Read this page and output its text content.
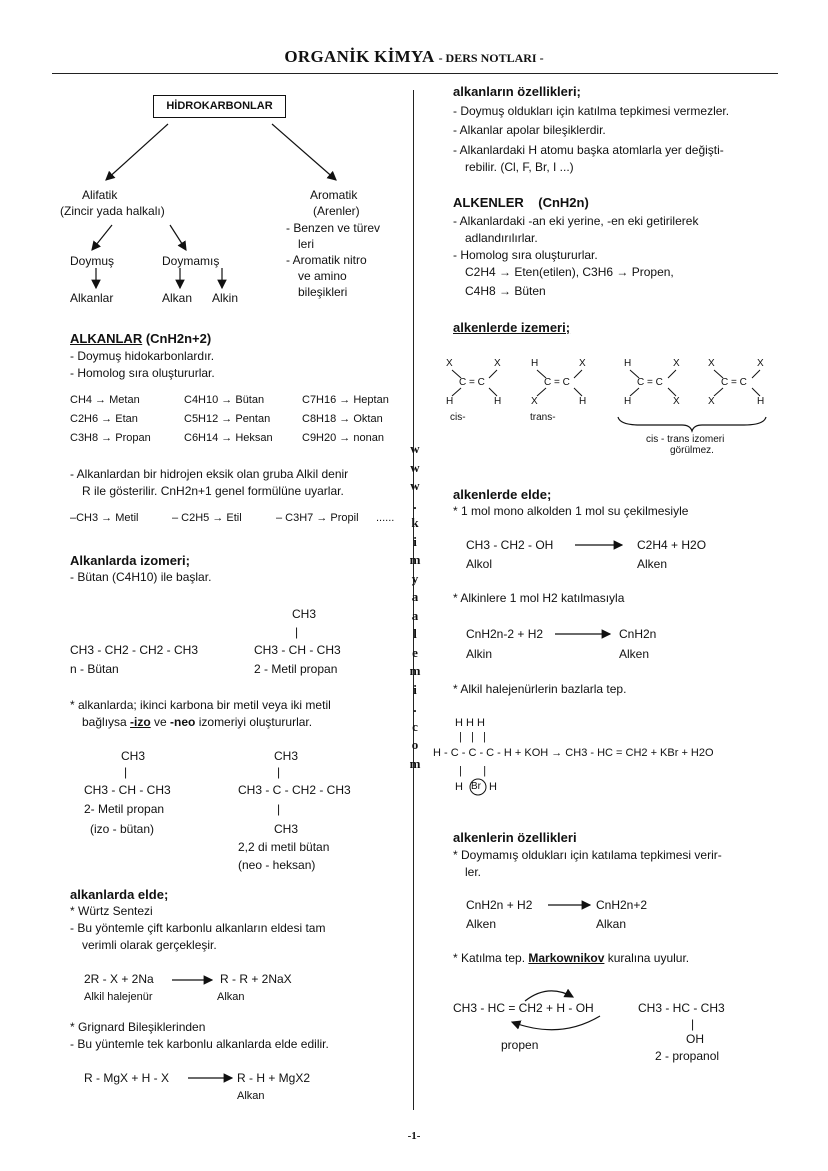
ORGANİK KİMYA - DERS NOTLARI -
w
w
w
.
k
i
m
y
a
a
l
e
m
i
.
c
o
m
HİDROKARBONLAR
Alifatik
(Zincir yada halkalı)
Aromatik
(Arenler)
- Benzen ve türev
leri
- Aromatik nitro
ve amino
bileşikleri
Doymuş	Doymamış
Alkanlar	Alkan Alkin
ALKANLAR (CnH2n+2)
- Doymuş hidokarbonlardır.
- Homolog sıra oluştururlar.
CH4 → Metan	C4H10 → Bütan	C7H16 → Heptan
C2H6 → Etan	C5H12 → Pentan	C8H18 → Oktan
C3H8 → Propan	C6H14 → Heksan	C9H20 → nonan
- Alkanlardan bir hidrojen eksik olan gruba Alkil denir
R ile gösterilir. CnH2n+1 genel formülüne uyarlar.
–CH3 → Metil	– C2H5 → Etil	– C3H7 → Propil ......
Alkanlarda izomeri;
- Bütan (C4H10) ile başlar.
CH3
|
CH3 - CH2 - CH2 - CH3	CH3 - CH - CH3
n - Bütan	2 - Metil propan
* alkanlarda; ikinci karbona bir metil veya iki metil
bağlıysa -izo ve -neo izomeriyi oluştururlar.
CH3
|
CH3 - CH - CH3
2- Metil propan
(izo - bütan)
CH3
|
CH3 - C - CH2 - CH3
|
CH3
2,2 di metil bütan
(neo - heksan)
alkanlarda elde;
* Würtz Sentezi
- Bu yöntemle çift karbonlu alkanların eldesi tam
verimli olarak gerçekleşir.
2R - X + 2Na	R - R + 2NaX
Alkil halejenür	Alkan
* Grignard Bileşiklerinden
- Bu yüntemle tek karbonlu alkanlarda elde edilir.
R - MgX + H - X	R - H + MgX2
Alkan
alkanların özellikleri;
- Doymuş oldukları için katılma tepkimesi vermezler.
- Alkanlar apolar bileşiklerdir.
- Alkanlardaki H atomu başka atomlarla yer değişti-
rebilir. (Cl, F, Br, I ...)
ALKENLER (CnH2n)
- Alkanlardaki -an eki yerine, -en eki getirilerek
adlandırılırlar.
- Homolog sıra oluştururlar.
C2H4 → Eten(etilen), C3H6 → Propen,
C4H8 → Büten
alkenlerde izemeri;
X	X
C = C
H	H
cis-
H	X
C = C
X	H
trans-
H	X
C = C
H	X
X	X
C = C
X	H
cis - trans izomeri
görülmez.
alkenlerde elde;
* 1 mol mono alkolden 1 mol su çekilmesiyle
CH3 - CH2 - OH	C2H4 + H2O
Alkol	Alken
* Alkinlere 1 mol H2 katılmasıyla
CnH2n-2 + H2	CnH2n
Alkin	Alken
* Alkil halejenürlerin bazlarla tep.
H H H
|   |   |
H - C - C - C - H + KOH → CH3 - HC = CH2 + KBr + H2O
|       |
H Br H
alkenlerin özellikleri
* Doymamış oldukları için katılama tepkimesi verir-
ler.
CnH2n + H2	CnH2n+2
Alken	Alkan
* Katılma tep. Markownikov kuralına uyulur.
CH3 - HC = CH2 + H - OH	CH3 - HC - CH3
|
OH
propen
2 - propanol
-1-
